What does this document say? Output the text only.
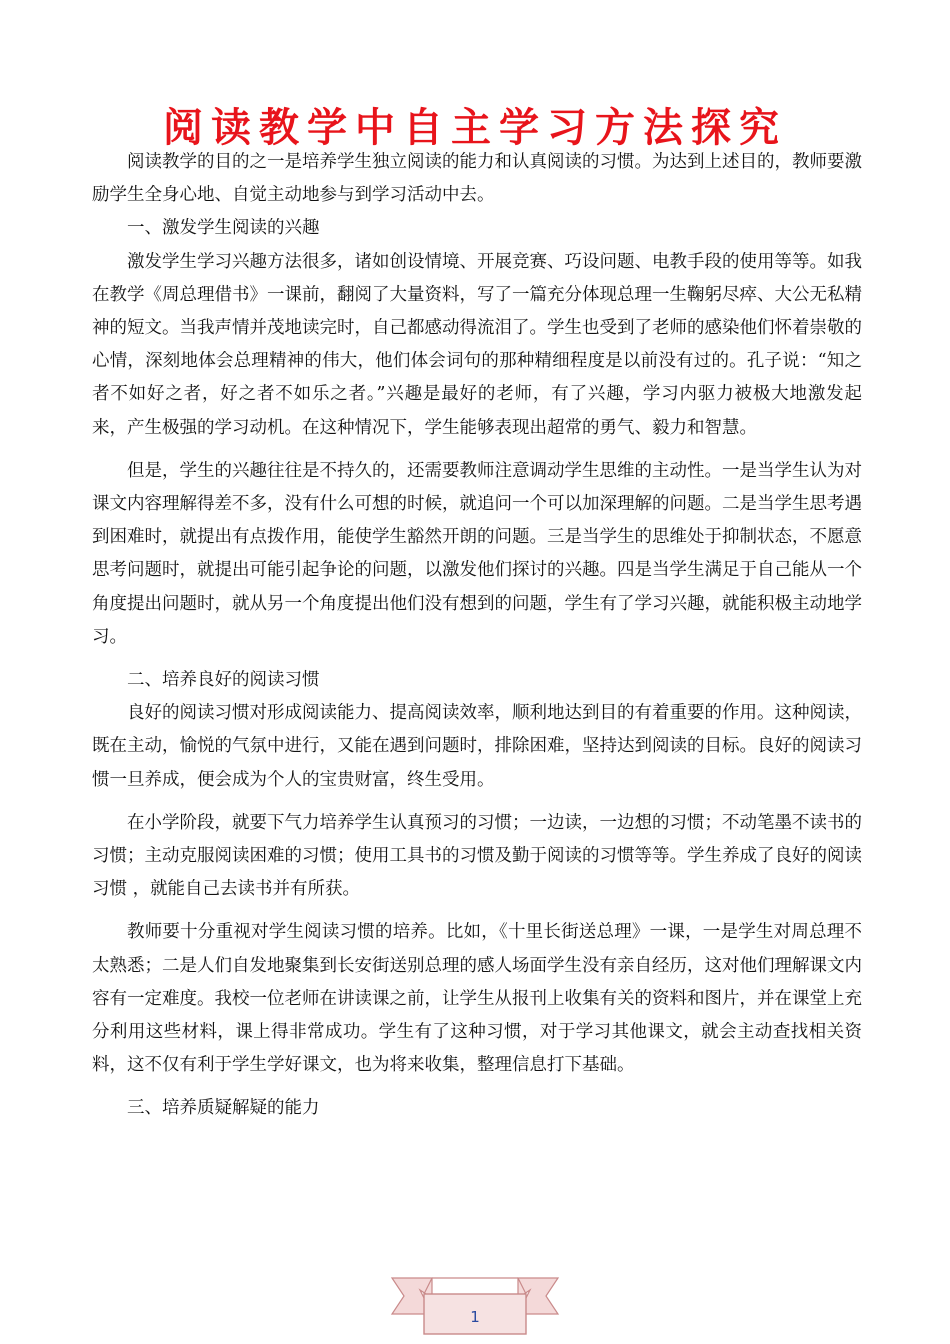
阅读教学中自主学习方法探究

阅读教学的目的之一是培养学生独立阅读的能力和认真阅读的习惯。为达到上述目的，教师要激励学生全身心地、自觉主动地参与到学习活动中去。

一、激发学生阅读的兴趣

激发学生学习兴趣方法很多，诸如创设情境、开展竞赛、巧设问题、电教手段的使用等等。如我在教学《周总理借书》一课前，翻阅了大量资料，写了一篇充分体现总理一生鞠躬尽瘁、大公无私精神的短文。当我声情并茂地读完时，自己都感动得流泪了。学生也受到了老师的感染他们怀着崇敬的心情，深刻地体会总理精神的伟大，他们体会词句的那种精细程度是以前没有过的。孔子说：“知之者不如好之者，好之者不如乐之者。”兴趣是最好的老师，有了兴趣，学习内驱力被极大地激发起来，产生极强的学习动机。在这种情况下，学生能够表现出超常的勇气、毅力和智慧。

但是，学生的兴趣往往是不持久的，还需要教师注意调动学生思维的主动性。一是当学生认为对课文内容理解得差不多，没有什么可想的时候，就追问一个可以加深理解的问题。二是当学生思考遇到困难时，就提出有点拨作用，能使学生豁然开朗的问题。三是当学生的思维处于抑制状态，不愿意思考问题时，就提出可能引起争论的问题，以激发他们探讨的兴趣。四是当学生满足于自己能从一个角度提出问题时，就从另一个角度提出他们没有想到的问题，学生有了学习兴趣，就能积极主动地学习。

二、培养良好的阅读习惯

良好的阅读习惯对形成阅读能力、提高阅读效率，顺利地达到目的有着重要的作用。这种阅读，既在主动，愉悦的气氛中进行，又能在遇到问题时，排除困难，坚持达到阅读的目标。良好的阅读习惯一旦养成，便会成为个人的宝贵财富，终生受用。

在小学阶段，就要下气力培养学生认真预习的习惯；一边读，一边想的习惯；不动笔墨不读书的习惯；主动克服阅读困难的习惯；使用工具书的习惯及勤于阅读的习惯等等。学生养成了良好的阅读习惯 ，就能自己去读书并有所获。

教师要十分重视对学生阅读习惯的培养。比如，《十里长街送总理》一课，一是学生对周总理不太熟悉；二是人们自发地聚集到长安街送别总理的感人场面学生没有亲自经历，这对他们理解课文内容有一定难度。我校一位老师在讲读课之前，让学生从报刊上收集有关的资料和图片，并在课堂上充分利用这些材料，课上得非常成功。学生有了这种习惯，对于学习其他课文，就会主动查找相关资料，这不仅有利于学生学好课文，也为将来收集，整理信息打下基础。

三、培养质疑解疑的能力

1
